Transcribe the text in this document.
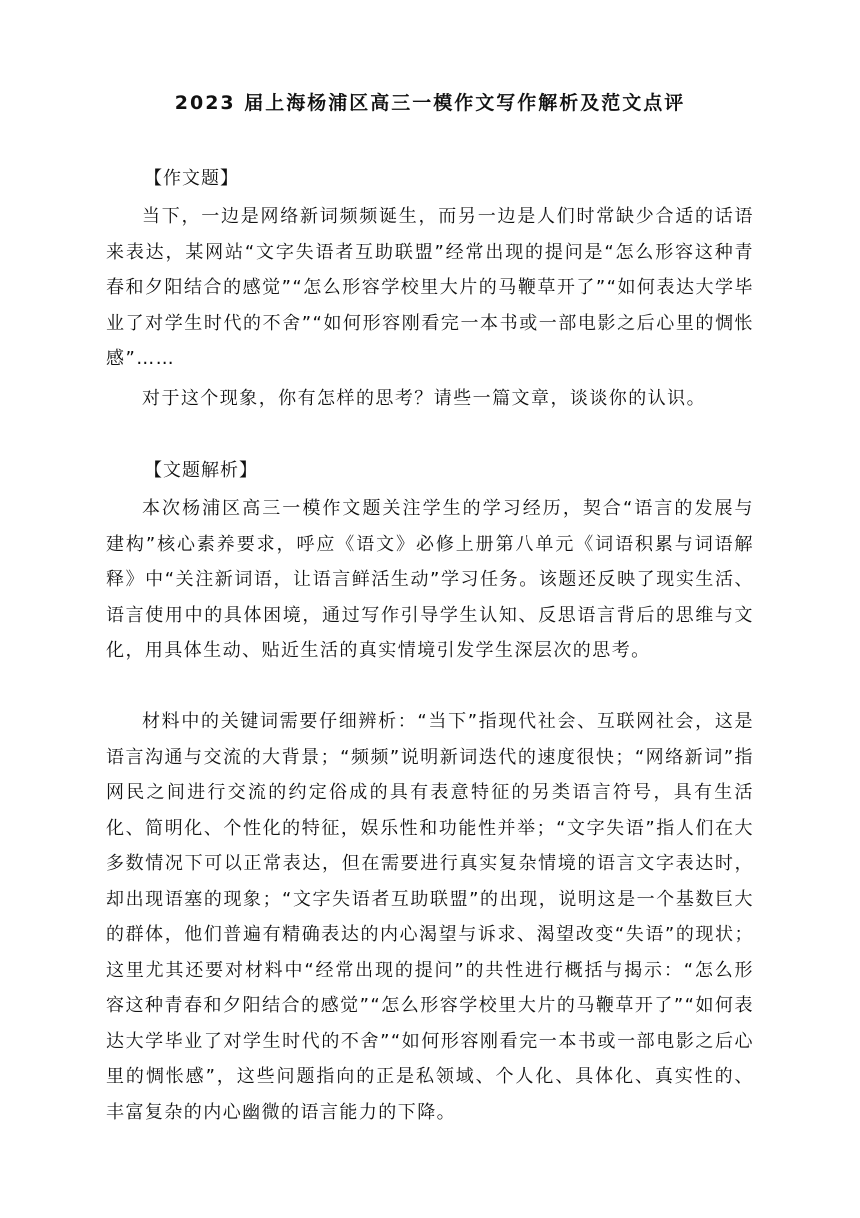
2023 届上海杨浦区高三一模作文写作解析及范文点评
【作文题】

当下，一边是网络新词频频诞生，而另一边是人们时常缺少合适的话语来表达，某网站“文字失语者互助联盟”经常出现的提问是“怎么形容这种青春和夕阳结合的感觉”“怎么形容学校里大片的马鞭草开了”“如何表达大学毕业了对学生时代的不舍”“如何形容刚看完一本书或一部电影之后心里的惆怅感”……

对于这个现象，你有怎样的思考？请些一篇文章，谈谈你的认识。

【文题解析】

本次杨浦区高三一模作文题关注学生的学习经历，契合“语言的发展与建构”核心素养要求，呼应《语文》必修上册第八单元《词语积累与词语解释》中“关注新词语，让语言鲜活生动”学习任务。该题还反映了现实生活、语言使用中的具体困境，通过写作引导学生认知、反思语言背后的思维与文化，用具体生动、贴近生活的真实情境引发学生深层次的思考。

材料中的关键词需要仔细辨析：“当下”指现代社会、互联网社会，这是语言沟通与交流的大背景；“频频”说明新词迭代的速度很快；“网络新词”指网民之间进行交流的约定俗成的具有表意特征的另类语言符号，具有生活化、简明化、个性化的特征，娱乐性和功能性并举；“文字失语”指人们在大多数情况下可以正常表达，但在需要进行真实复杂情境的语言文字表达时，却出现语塞的现象；“文字失语者互助联盟”的出现，说明这是一个基数巨大的群体，他们普遍有精确表达的内心渴望与诉求、渴望改变“失语”的现状；这里尤其还要对材料中“经常出现的提问”的共性进行概括与揭示：“怎么形容这种青春和夕阳结合的感觉”“怎么形容学校里大片的马鞭草开了”“如何表达大学毕业了对学生时代的不舍”“如何形容刚看完一本书或一部电影之后心里的惆怅感”，这些问题指向的正是私领域、个人化、具体化、真实性的、丰富复杂的内心幽微的语言能力的下降。
